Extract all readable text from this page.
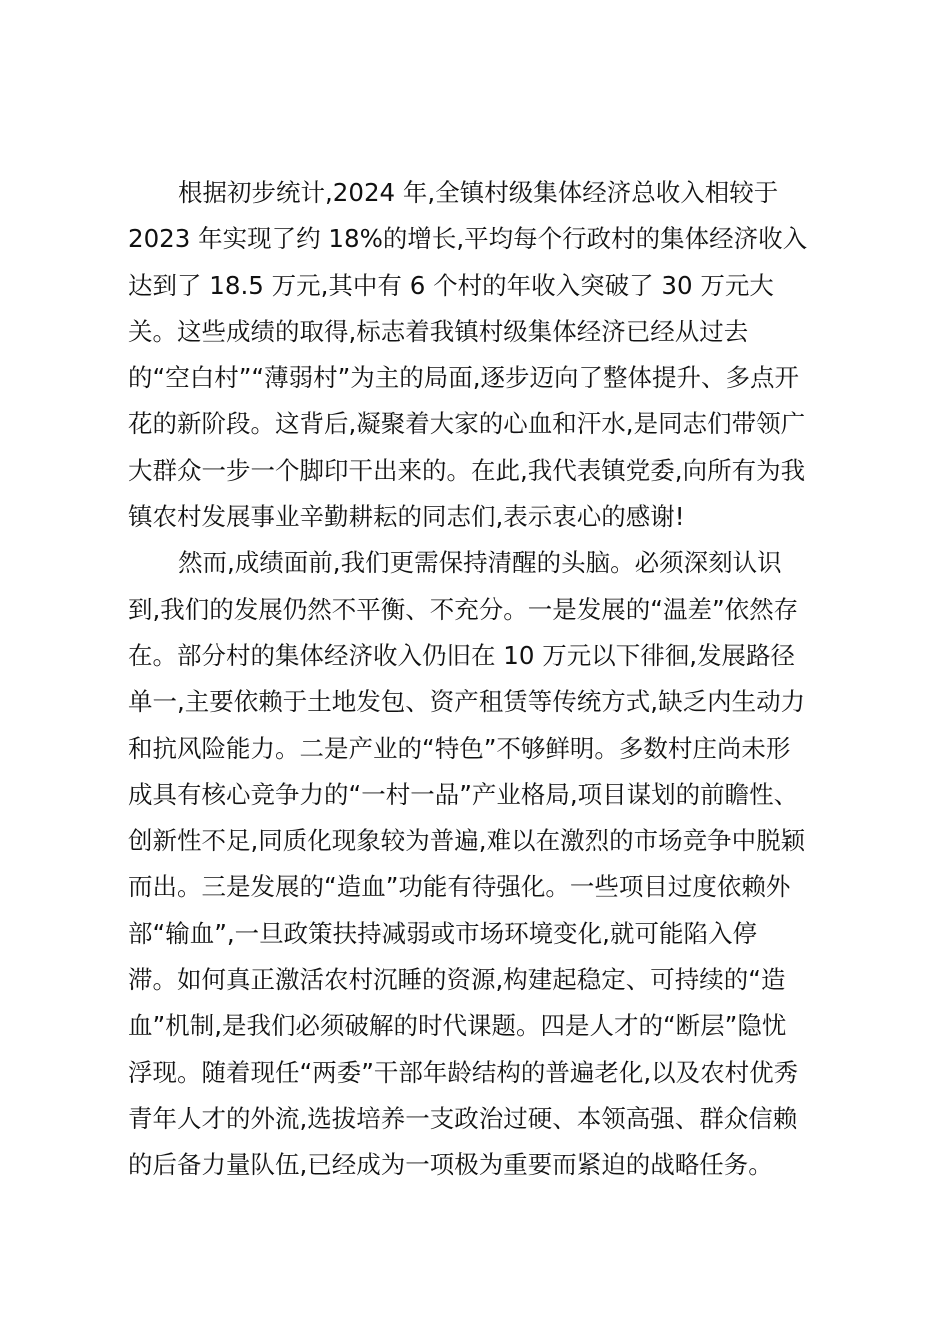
根据初步统计,2024 年,全镇村级集体经济总收入相较于

2023 年实现了约 18%的增长,平均每个行政村的集体经济收入

达到了 18.5 万元,其中有 6 个村的年收入突破了 30 万元大

关。这些成绩的取得,标志着我镇村级集体经济已经从过去

的“空白村”“薄弱村”为主的局面,逐步迈向了整体提升、多点开

花的新阶段。这背后,凝聚着大家的心血和汗水,是同志们带领广

大群众一步一个脚印干出来的。在此,我代表镇党委,向所有为我

镇农村发展事业辛勤耕耘的同志们,表示衷心的感谢!

然而,成绩面前,我们更需保持清醒的头脑。必须深刻认识

到,我们的发展仍然不平衡、不充分。一是发展的“温差”依然存

在。部分村的集体经济收入仍旧在 10 万元以下徘徊,发展路径

单一,主要依赖于土地发包、资产租赁等传统方式,缺乏内生动力

和抗风险能力。二是产业的“特色”不够鲜明。多数村庄尚未形

成具有核心竞争力的“一村一品”产业格局,项目谋划的前瞻性、

创新性不足,同质化现象较为普遍,难以在激烈的市场竞争中脱颖

而出。三是发展的“造血”功能有待强化。一些项目过度依赖外

部“输血”,一旦政策扶持减弱或市场环境变化,就可能陷入停

滞。如何真正激活农村沉睡的资源,构建起稳定、可持续的“造

血”机制,是我们必须破解的时代课题。四是人才的“断层”隐忧

浮现。随着现任“两委”干部年龄结构的普遍老化,以及农村优秀

青年人才的外流,选拔培养一支政治过硬、本领高强、群众信赖

的后备力量队伍,已经成为一项极为重要而紧迫的战略任务。
